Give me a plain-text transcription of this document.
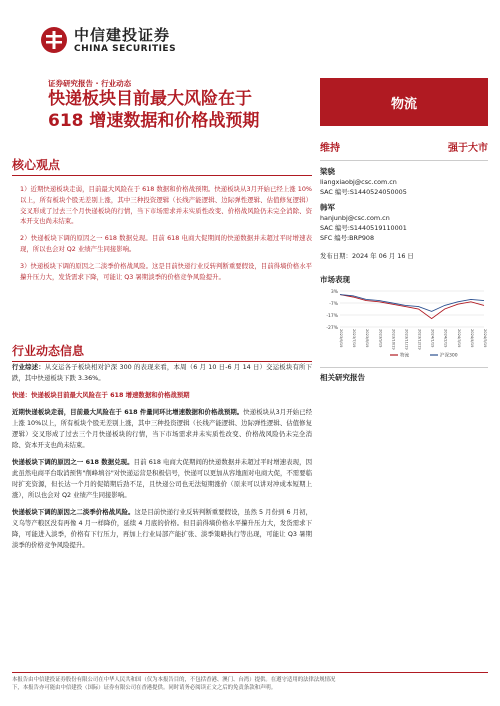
中信建投证券
CHINA SECURITIES
证券研究报告 · 行业动态
快递板块目前最大风险在于
618 增速数据和价格战预期
物流
核心观点

1）近期快递板块走弱，目前最大风险在于 618 数据和价格战预期。快递板块从3月开始已经上涨 10%以上，所有板块个股无差别上涨，其中三种投资逻辑（长线产能逻辑、边际弹性逻辑、估值修复逻辑）交叉形成了过去三个月快递板块的行情，当下市场需求并未实质性改变、价格战风险仍未完全消除、资本开支也尚未结束。

2）快递板块下调的原因之一 618 数据兑现。目前 618 电商大促期间的快递数据并未超过平时增速表现，所以也会对 Q2 业绩产生同接影响。

3）快递板块下调的原因之二淡季价格战风险。这是目前快递行业反转判断重要假设，目前得墒价格水平攥升压力大，发货需求下降，可能让 Q3 暑期淡季的价格竞争风险提升。

行业动态信息

行业综述：从交运各子板块相对沪深 300 的表现来看，本周（6 月 10 日-6 月 14 日）交运板块有所下跌，其中快递板块下跌 3.36%。

快递：快递板块目前最大风险在于 618 增速数据和价格战预期

近期快递板块走弱，目前最大风险在于 618 件量同环比增速数据和价格战预期。快递板块从3月开始已经上涨 10%以上，所有板块个股无差别上涨，其中三种投资逻辑（长线产能逻辑、边际弹性逻辑、估值修复逻辑）交叉形成了过去三个月快递板块的行情，当下市场需求并未实质性改变、价格战风险仍未完全消除、资本开支也尚未结束。

快递板块下调的原因之一 618 数据兑现。目前 618 电商大促期间的快递数据并未超过平时增速表现，因此虽然电商平台取消预售"削峰填谷"对快递运营是积极信号，快递可以更加从容地面对电商大促，不需要临时扩充资源，但长达一个月的促销期后劲不足，且快递公司也无法短期涨价（原来可以讲对冲成本短期上涨），所以也会对 Q2 业绩产生同接影响。

快递板块下调的原因之二淡季价格战风险。这是目前快递行业反转判断重要假设，虽然 5 月份到 6 月初，义乌等产粮区没有再像 4 月一样降价，延续 4 月底的价格。但目前得墒价格水平攥升压力大，发货需求下降，可能进入淡季，价格有下行压力，再加上行业局部产能扩张、淡季策略执行等出现，可能让 Q3 暑期淡季的价格竞争风险提升。

维持	强于大市
梁骁
liangxiaobj@csc.com.cn
SAC 编号:S1440524050005
韩军
hanjunbj@csc.com.cn
SAC 编号:S1440519110001
SFC 编号:BRP908
发布日期：2024 年 06 月 16 日
市场表现
3%
-7%
-17%
-27%
2023/6/19	2023/7/19	2023/8/19	2023/9/19	2023/10/19	2023/11/19	2023/12/19	2024/1/19	2024/2/19	2024/3/19	2024/4/19	2024/5/19
物流	沪深300
相关研究报告
本报告由中信建投证券股份有限公司在中华人民共和国（仅为本报告目的，不包括香港、澳门、台湾）提供。在遵守适用的法律法规情况
下，本报告亦可能由中信建投（国际）证券有限公司在香港提供。同时请务必阅读正文之后的免责条款和声明。
